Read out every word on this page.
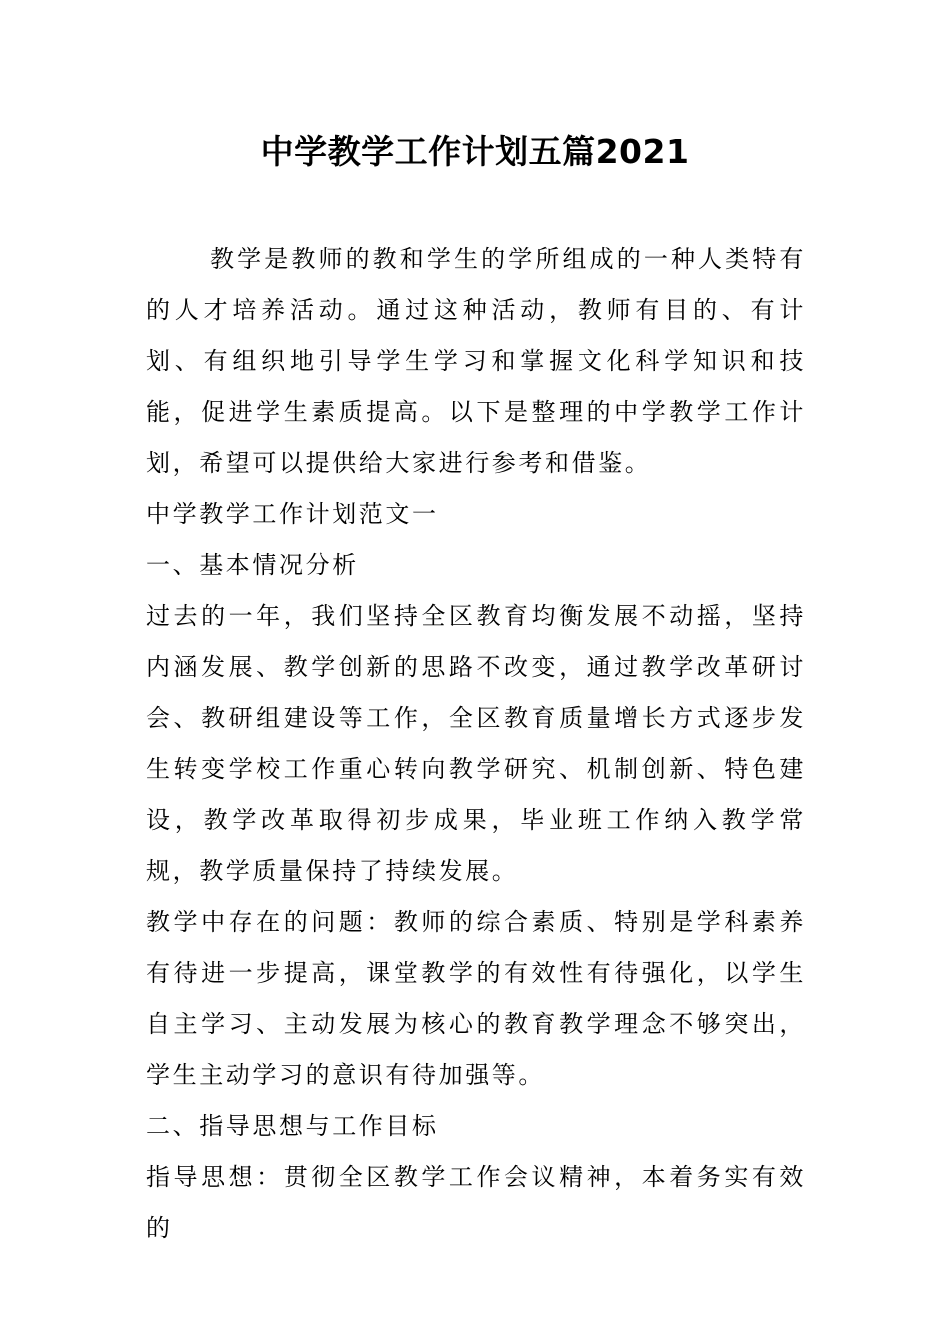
中学教学工作计划五篇2021

教学是教师的教和学生的学所组成的一种人类特有的人才培养活动。通过这种活动，教师有目的、有计划、有组织地引导学生学习和掌握文化科学知识和技能，促进学生素质提高。以下是整理的中学教学工作计划，希望可以提供给大家进行参考和借鉴。

中学教学工作计划范文一

一、基本情况分析

过去的一年，我们坚持全区教育均衡发展不动摇，坚持内涵发展、教学创新的思路不改变，通过教学改革研讨会、教研组建设等工作，全区教育质量增长方式逐步发生转变学校工作重心转向教学研究、机制创新、特色建设，教学改革取得初步成果，毕业班工作纳入教学常规，教学质量保持了持续发展。

教学中存在的问题：教师的综合素质、特别是学科素养有待进一步提高，课堂教学的有效性有待强化，以学生自主学习、主动发展为核心的教育教学理念不够突出，学生主动学习的意识有待加强等。

二、指导思想与工作目标

指导思想：贯彻全区教学工作会议精神，本着务实有效的
